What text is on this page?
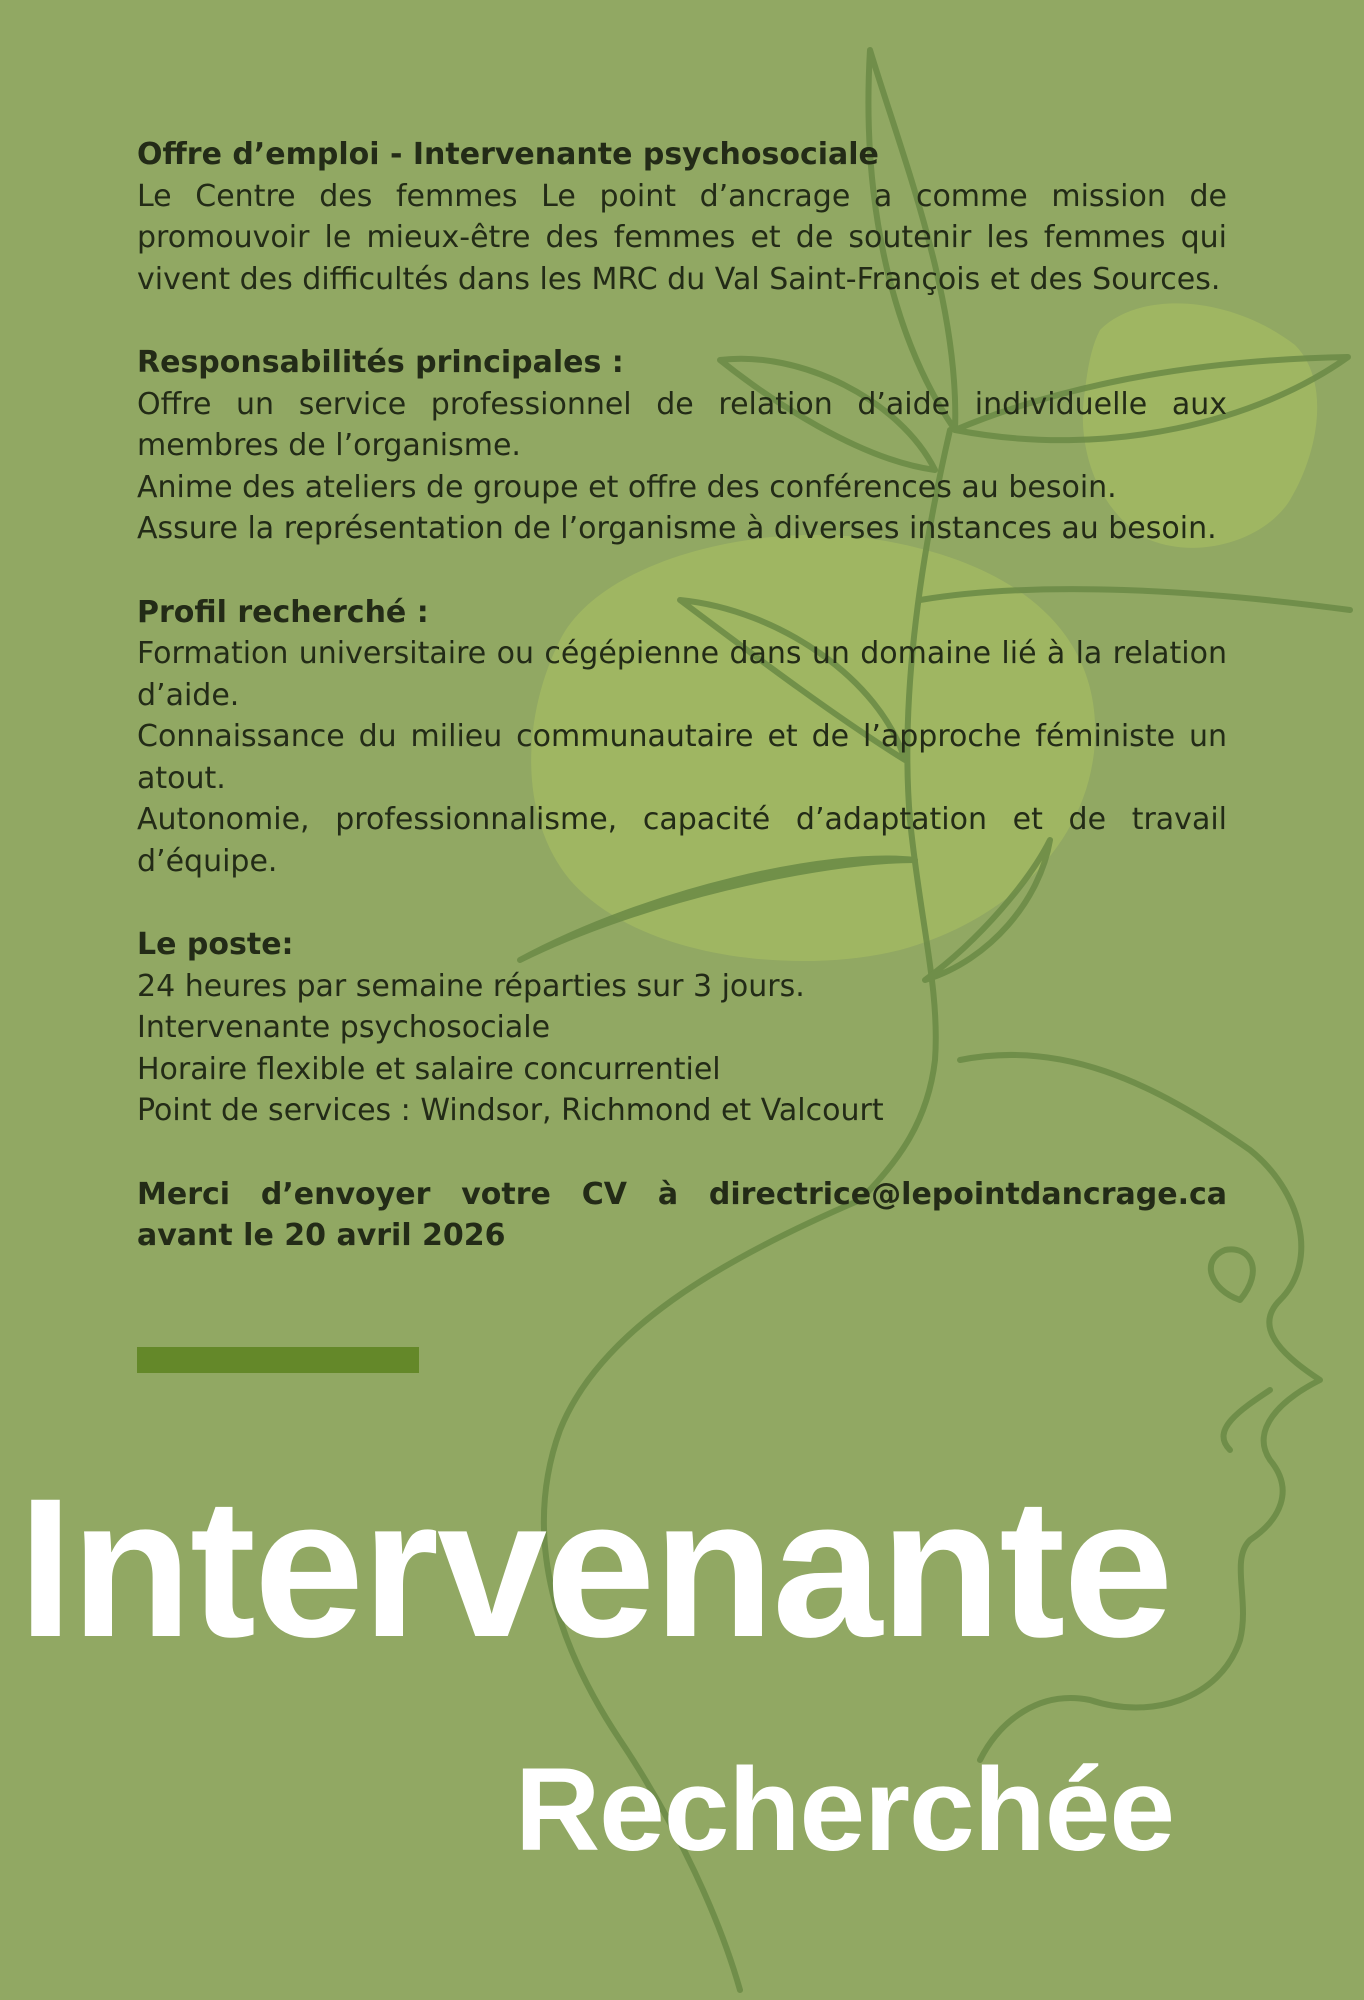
Offre d’emploi - Intervenante psychosociale

Le Centre des femmes Le point d’ancrage a comme mission de promouvoir le mieux-être des femmes et de soutenir les femmes qui vivent des difficultés dans les MRC du Val Saint-François et des Sources.

Responsabilités principales :

Offre un service professionnel de relation d’aide individuelle aux membres de l’organisme.

Anime des ateliers de groupe et offre des conférences au besoin.

Assure la représentation de l’organisme à diverses instances au besoin.

Profil recherché :

Formation universitaire ou cégépienne dans un domaine lié à la relation d’aide.

Connaissance du milieu communautaire et de l’approche féministe un atout.

Autonomie, professionnalisme, capacité d’adaptation et de travail d’équipe.

Le poste:

24 heures par semaine réparties sur 3 jours.

Intervenante psychosociale

Horaire flexible et salaire concurrentiel

Point de services : Windsor, Richmond et Valcourt

Merci d’envoyer votre CV à directrice@lepointdancrage.ca avant le 20 avril 2026

Intervenante
Recherchée
